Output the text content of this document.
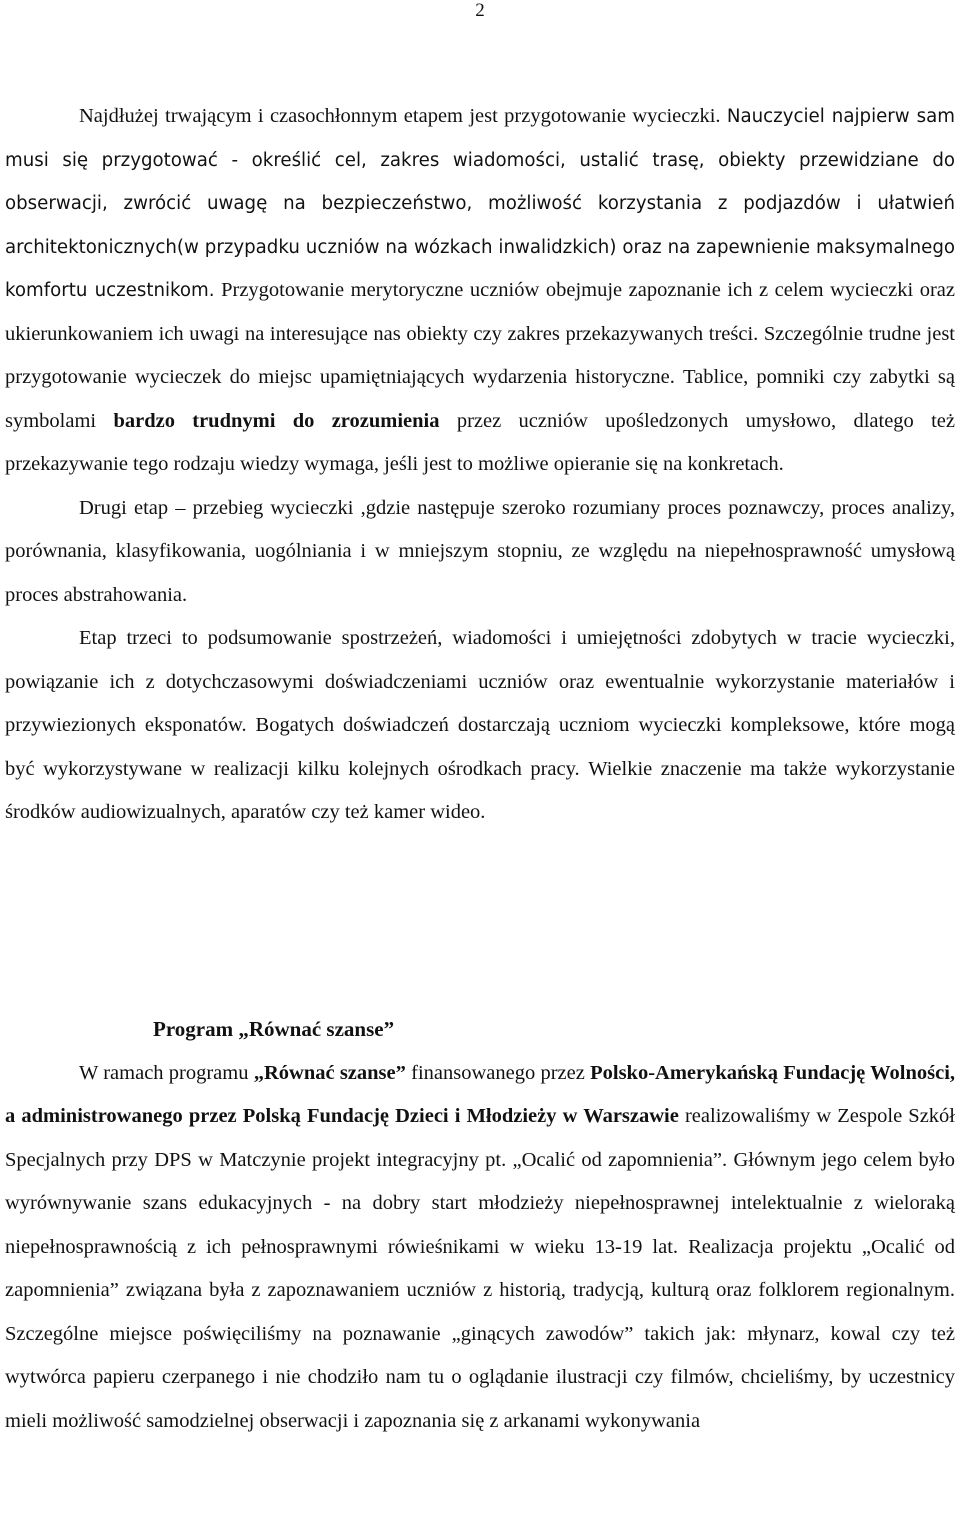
2

Najdłużej trwającym i czasochłonnym etapem jest przygotowanie wycieczki. Nauczyciel najpierw sam musi się przygotować - określić cel, zakres wiadomości, ustalić trasę, obiekty przewidziane do obserwacji, zwrócić uwagę na bezpieczeństwo, możliwość korzystania z podjazdów i ułatwień architektonicznych(w przypadku uczniów na wózkach inwalidzkich) oraz na zapewnienie maksymalnego komfortu uczestnikom. Przygotowanie merytoryczne uczniów obejmuje zapoznanie ich z celem wycieczki oraz ukierunkowaniem ich uwagi na interesujące nas obiekty czy zakres przekazywanych treści. Szczególnie trudne jest przygotowanie wycieczek do miejsc upamiętniających wydarzenia historyczne. Tablice, pomniki czy zabytki są symbolami bardzo trudnymi do zrozumienia przez uczniów upośledzonych umysłowo, dlatego też przekazywanie tego rodzaju wiedzy wymaga, jeśli jest to możliwe opieranie się na konkretach.

Drugi etap – przebieg wycieczki ,gdzie następuje szeroko rozumiany proces poznawczy, proces analizy, porównania, klasyfikowania, uogólniania i w mniejszym stopniu, ze względu na niepełnosprawność umysłową proces abstrahowania.

Etap trzeci to podsumowanie spostrzeżeń, wiadomości i umiejętności zdobytych w tracie wycieczki, powiązanie ich z dotychczasowymi doświadczeniami uczniów oraz ewentualnie wykorzystanie materiałów i przywiezionych eksponatów. Bogatych doświadczeń dostarczają uczniom wycieczki kompleksowe, które mogą być wykorzystywane w realizacji kilku kolejnych ośrodkach pracy. Wielkie znaczenie ma także wykorzystanie środków audiowizualnych, aparatów czy też kamer wideo.

Program „Równać szanse”

W ramach programu „Równać szanse” finansowanego przez Polsko-Amerykańską Fundację Wolności, a administrowanego przez Polską Fundację Dzieci i Młodzieży w Warszawie realizowaliśmy w Zespole Szkół Specjalnych przy DPS w Matczynie projekt integracyjny pt. „Ocalić od zapomnienia”. Głównym jego celem było wyrównywanie szans edukacyjnych - na dobry start młodzieży niepełnosprawnej intelektualnie z wieloraką niepełnosprawnością z ich pełnosprawnymi rówieśnikami w wieku 13-19 lat. Realizacja projektu „Ocalić od zapomnienia” związana była z zapoznawaniem uczniów z historią, tradycją, kulturą oraz folklorem regionalnym. Szczególne miejsce poświęciliśmy na poznawanie „ginących zawodów” takich jak: młynarz, kowal czy też wytwórca papieru czerpanego i nie chodziło nam tu o oglądanie ilustracji czy filmów, chcieliśmy, by uczestnicy mieli możliwość samodzielnej obserwacji i zapoznania się z arkanami wykonywania
